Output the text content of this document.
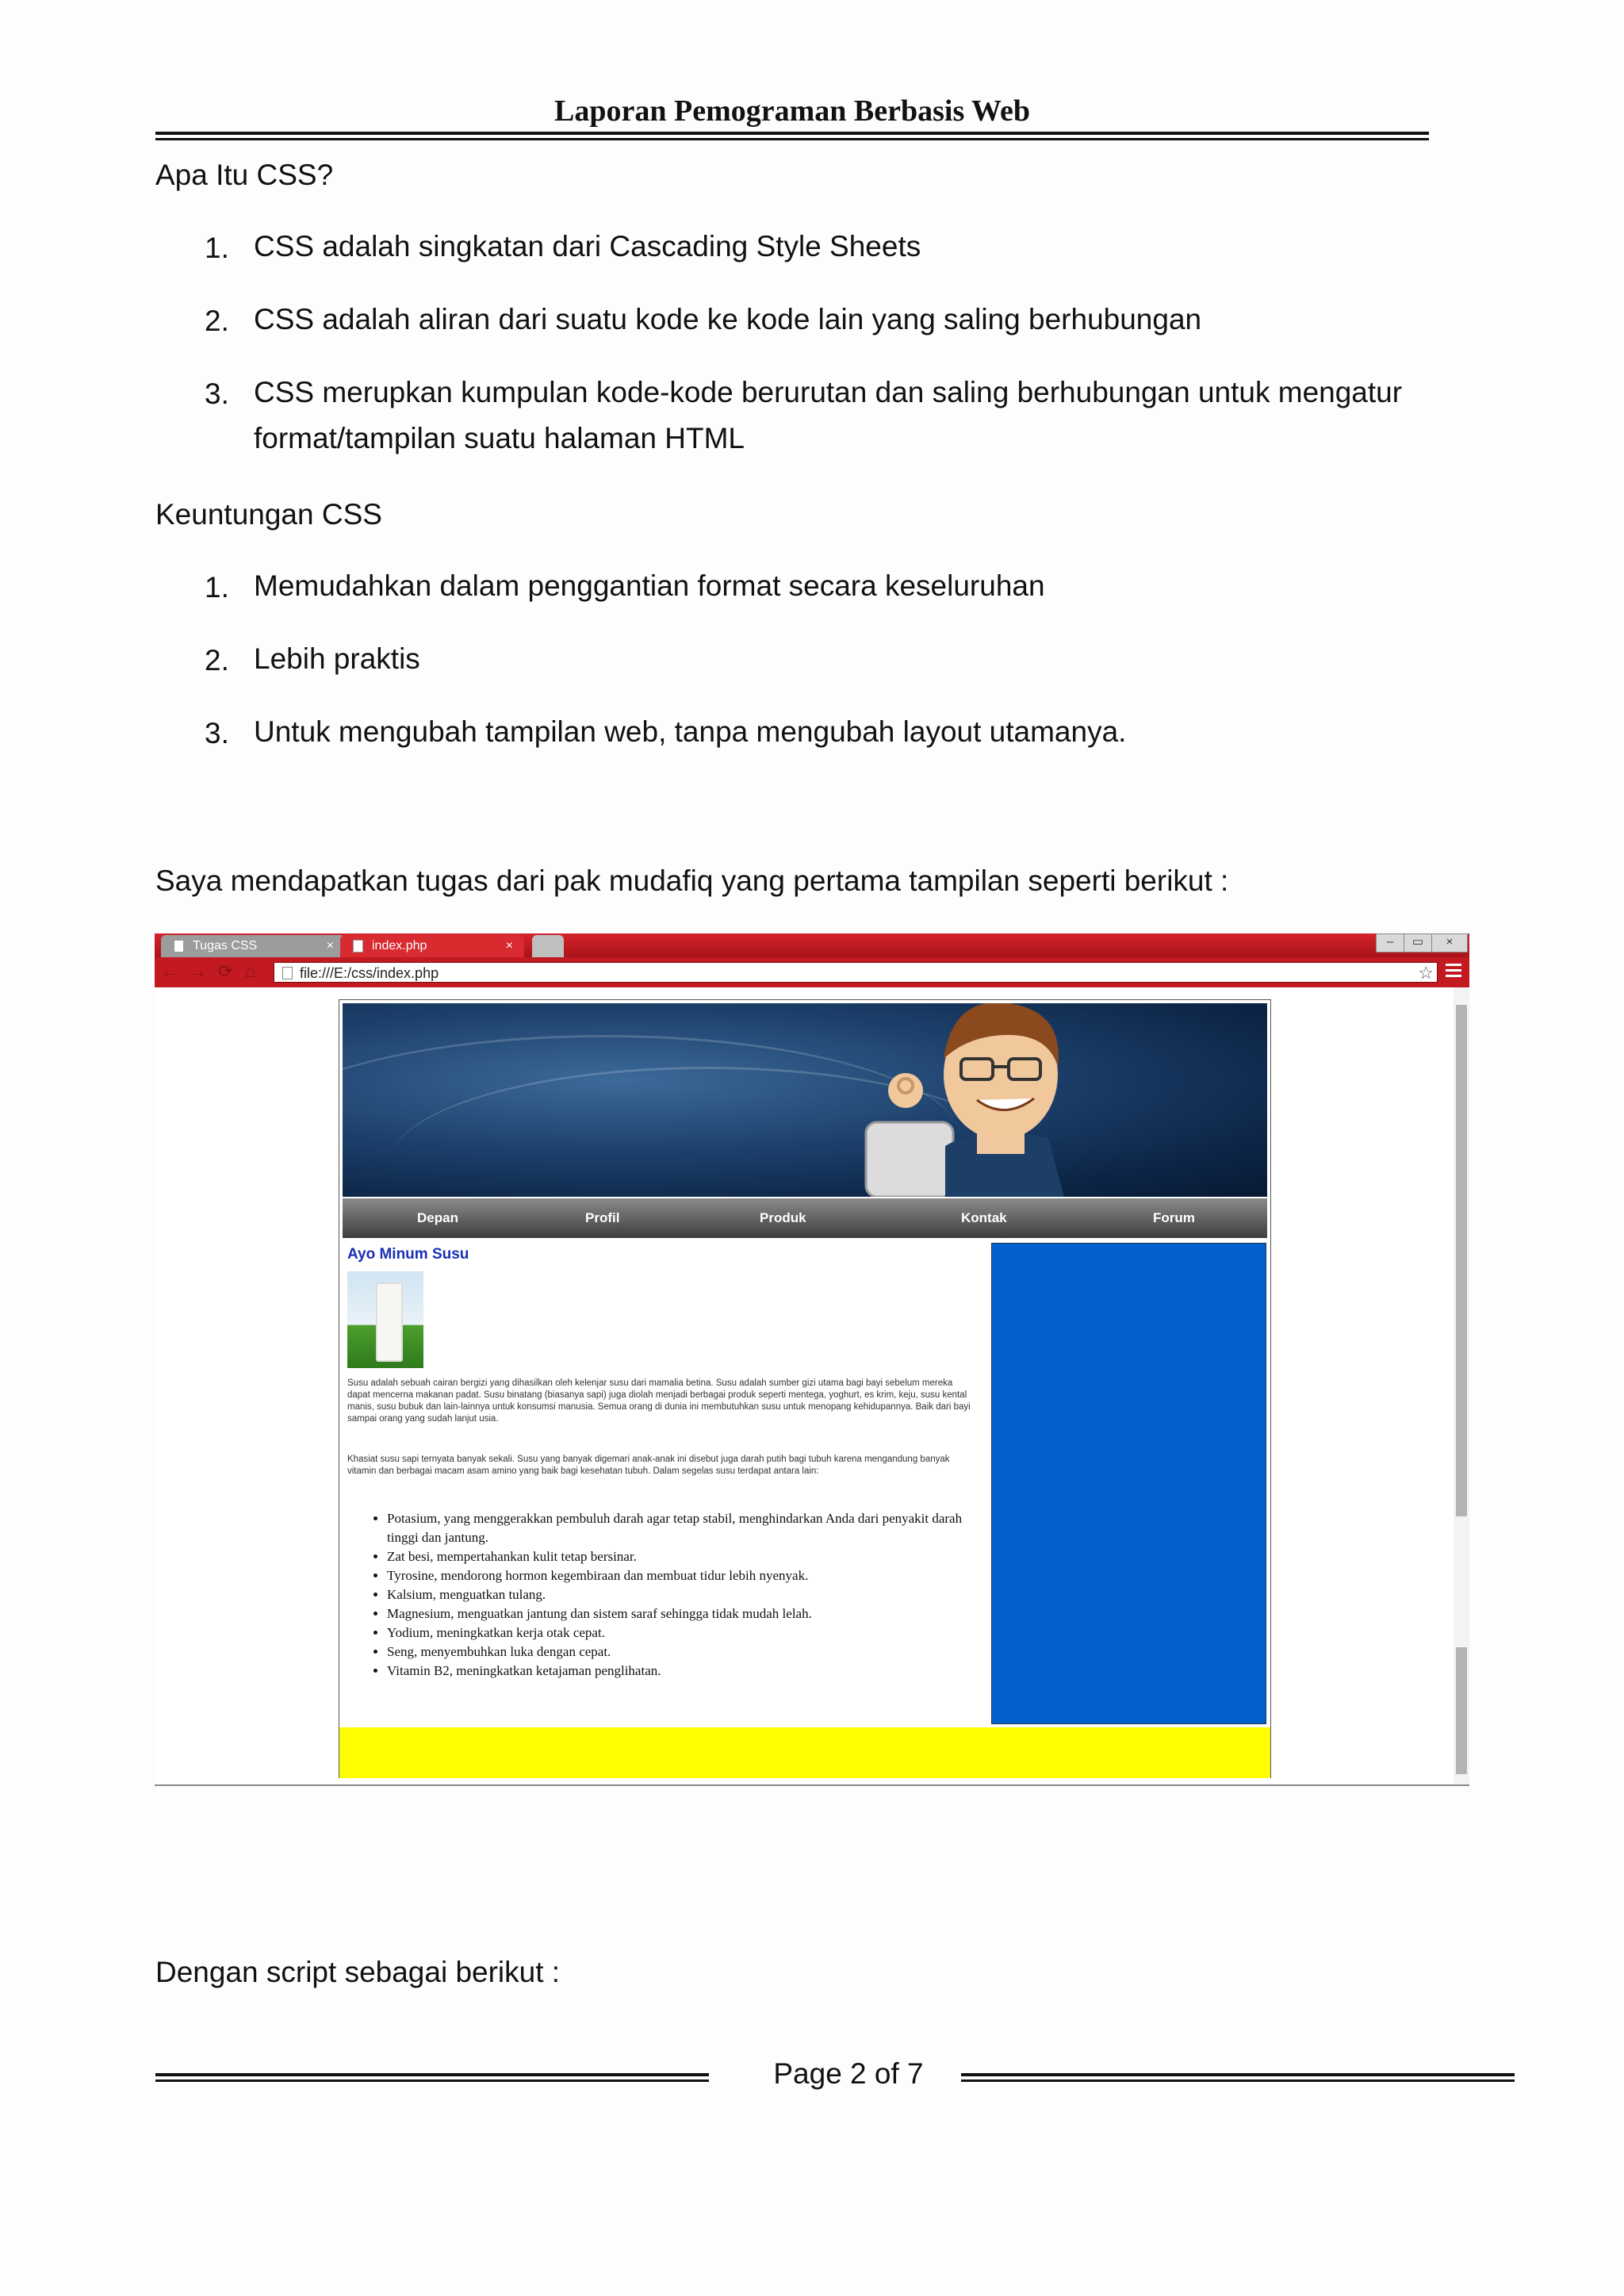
Laporan Pemograman Berbasis Web
Apa Itu CSS?
1. CSS adalah singkatan dari Cascading Style Sheets
2. CSS adalah aliran dari suatu kode ke kode lain yang saling berhubungan
3. CSS merupkan kumpulan kode-kode berurutan dan saling berhubungan untuk mengatur format/tampilan suatu halaman HTML
Keuntungan CSS
1. Memudahkan dalam penggantian format secara keseluruhan
2. Lebih praktis
3. Untuk mengubah tampilan web, tanpa mengubah layout utamanya.
Saya mendapatkan tugas dari pak mudafiq yang pertama tampilan seperti berikut :
Tugas CSS	×	index.php	×	–	▭	×
← → ⟳ ⌂	file:///E:/css/index.php	☆
Depan	Profil	Produk	Kontak	Forum
Ayo Minum Susu
Susu adalah sebuah cairan bergizi yang dihasilkan oleh kelenjar susu dari mamalia betina. Susu adalah sumber gizi utama bagi bayi sebelum mereka dapat mencerna makanan padat. Susu binatang (biasanya sapi) juga diolah menjadi berbagai produk seperti mentega, yoghurt, es krim, keju, susu kental manis, susu bubuk dan lain-lainnya untuk konsumsi manusia. Semua orang di dunia ini membutuhkan susu untuk menopang kehidupannya. Baik dari bayi sampai orang yang sudah lanjut usia.
Khasiat susu sapi ternyata banyak sekali. Susu yang banyak digemari anak-anak ini disebut juga darah putih bagi tubuh karena mengandung banyak vitamin dan berbagai macam asam amino yang baik bagi kesehatan tubuh. Dalam segelas susu terdapat antara lain:
• Potasium, yang menggerakkan pembuluh darah agar tetap stabil, menghindarkan Anda dari penyakit darah tinggi dan jantung.
• Zat besi, mempertahankan kulit tetap bersinar.
• Tyrosine, mendorong hormon kegembiraan dan membuat tidur lebih nyenyak.
• Kalsium, menguatkan tulang.
• Magnesium, menguatkan jantung dan sistem saraf sehingga tidak mudah lelah.
• Yodium, meningkatkan kerja otak cepat.
• Seng, menyembuhkan luka dengan cepat.
• Vitamin B2, meningkatkan ketajaman penglihatan.
Dengan script sebagai berikut :
Page 2 of 7
